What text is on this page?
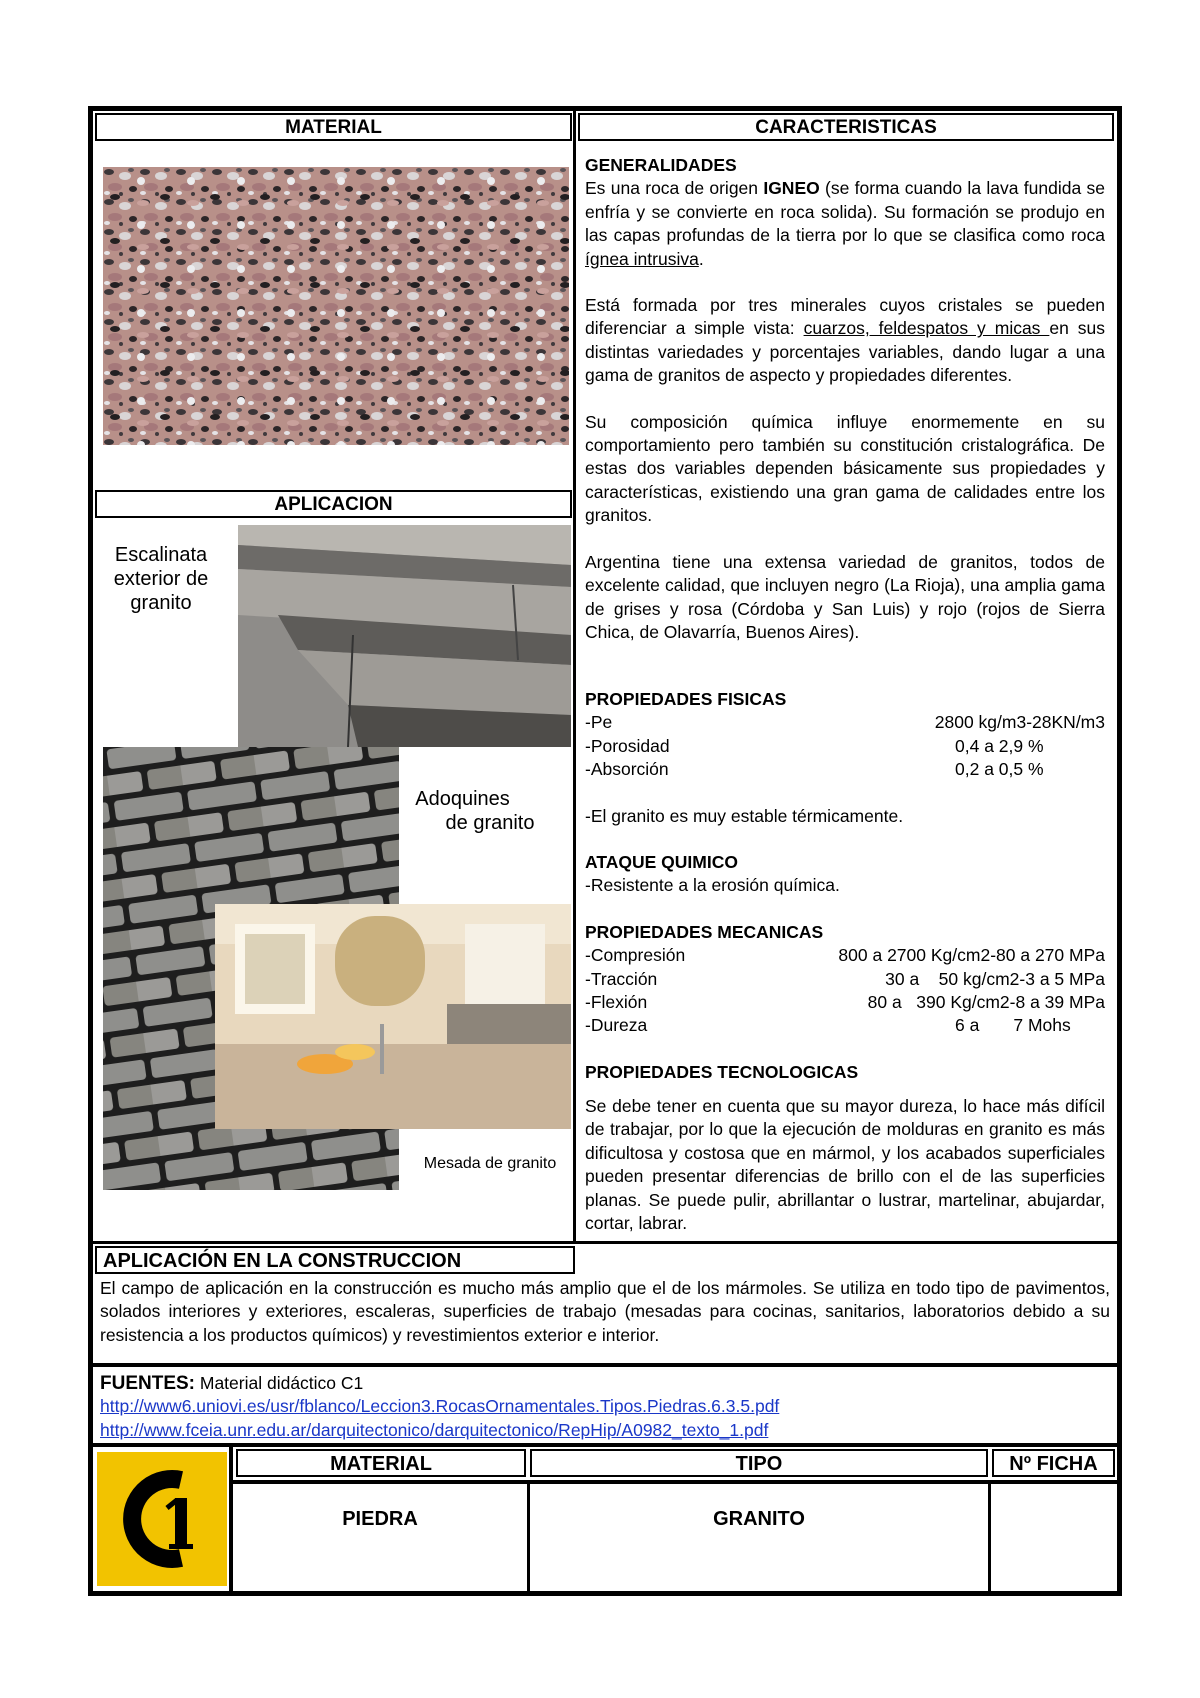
MATERIAL	CARACTERISTICAS
APLICACION
Escalinata exterior de granito
Adoquines
de granito
Mesada de granito
GENERALIDADES
Es una roca de origen IGNEO (se forma cuando la lava fundida se enfría y se convierte en roca solida). Su formación se produjo en las capas profundas de la tierra por lo que se clasifica como roca ígnea intrusiva.
Está formada por tres minerales cuyos cristales se pueden diferenciar a simple vista: cuarzos, feldespatos y micas en sus distintas variedades y porcentajes variables, dando lugar a una gama de granitos de aspecto y propiedades diferentes.
Su composición química influye enormemente en su comportamiento pero también su constitución cristalográfica. De estas dos variables dependen básicamente sus propiedades y características, existiendo una gran gama de calidades entre los granitos.
Argentina tiene una extensa variedad de granitos, todos de excelente calidad, que incluyen negro (La Rioja), una amplia gama de grises y rosa (Córdoba y San Luis) y rojo (rojos de Sierra Chica, de Olavarría, Buenos Aires).
PROPIEDADES FISICAS
-Pe	2800 kg/m3-28KN/m3
-Porosidad	0,4 a 2,9 %
-Absorción	0,2 a 0,5 %
-El granito es muy estable térmicamente.
ATAQUE QUIMICO
-Resistente a la erosión química.
PROPIEDADES MECANICAS
-Compresión	800 a 2700 Kg/cm2-80 a 270 MPa
-Tracción	30 a    50 kg/cm2-3 a 5 MPa
-Flexión	80 a   390 Kg/cm2-8 a 39 MPa
-Dureza	6 a       7 Mohs
PROPIEDADES TECNOLOGICAS
Se debe tener en cuenta que su mayor dureza, lo hace más difícil de trabajar, por lo que la ejecución de molduras en granito es más dificultosa y costosa que en mármol, y los acabados superficiales pueden presentar diferencias de brillo con el de las superficies planas. Se puede pulir, abrillantar o lustrar, martelinar, abujardar, cortar, labrar.
APLICACIÓN EN LA CONSTRUCCION
El campo de aplicación en la construcción es mucho más amplio que el de los mármoles. Se utiliza en todo tipo de pavimentos, solados interiores y exteriores, escaleras, superficies de trabajo (mesadas para cocinas, sanitarios, laboratorios debido a su resistencia a los productos químicos) y revestimientos exterior e interior.
FUENTES: Material didáctico C1
http://www6.uniovi.es/usr/fblanco/Leccion3.RocasOrnamentales.Tipos.Piedras.6.3.5.pdf
http://www.fceia.unr.edu.ar/darquitectonico/darquitectonico/RepHip/A0982_texto_1.pdf
MATERIAL	TIPO	Nº FICHA
PIEDRA	GRANITO
